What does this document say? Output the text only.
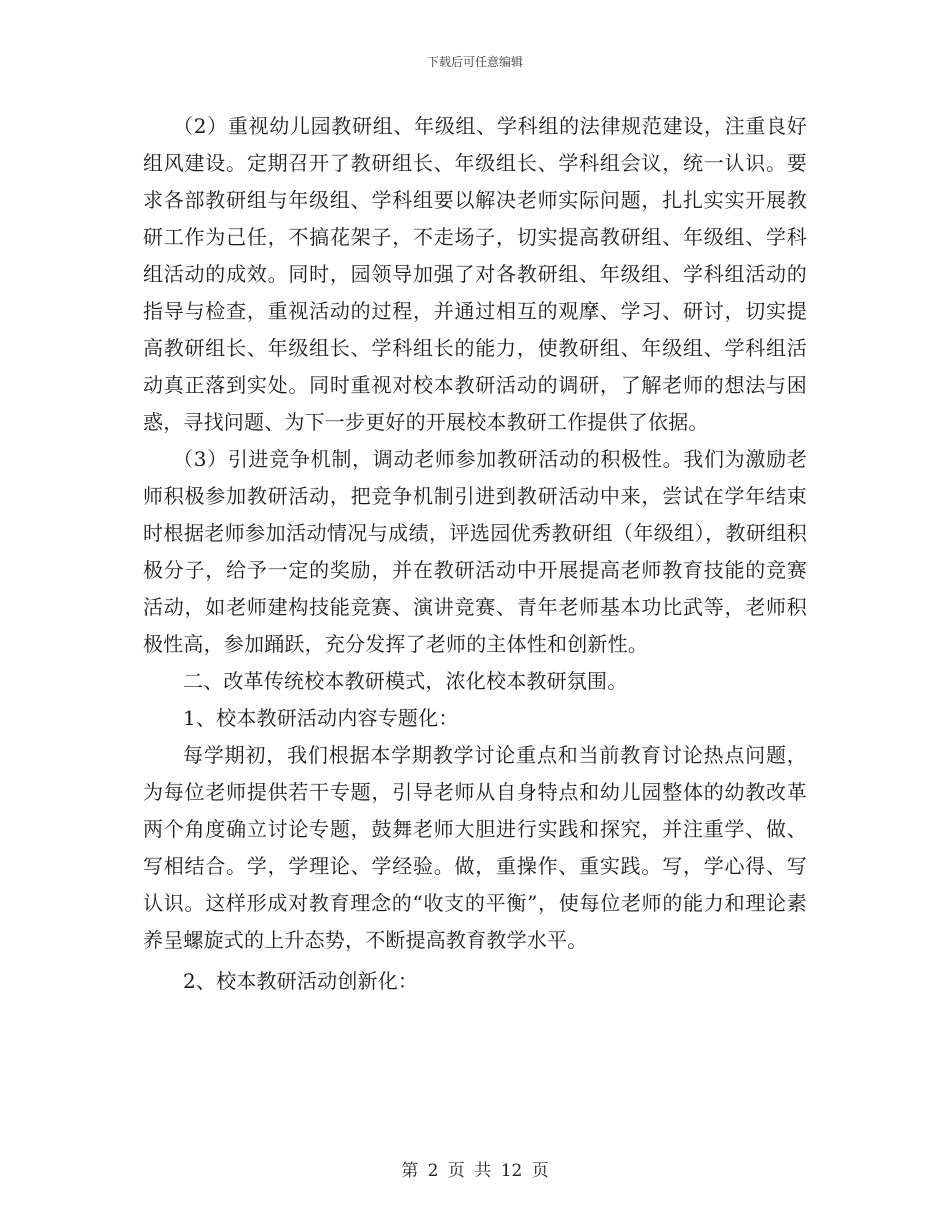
下载后可任意编辑

（2）重视幼儿园教研组、年级组、学科组的法律规范建设，注重良好组风建设。定期召开了教研组长、年级组长、学科组会议，统一认识。要求各部教研组与年级组、学科组要以解决老师实际问题，扎扎实实开展教研工作为己任，不搞花架子，不走场子，切实提高教研组、年级组、学科组活动的成效。同时，园领导加强了对各教研组、年级组、学科组活动的指导与检查，重视活动的过程，并通过相互的观摩、学习、研讨，切实提高教研组长、年级组长、学科组长的能力，使教研组、年级组、学科组活动真正落到实处。同时重视对校本教研活动的调研，了解老师的想法与困惑，寻找问题、为下一步更好的开展校本教研工作提供了依据。

（3）引进竞争机制，调动老师参加教研活动的积极性。我们为激励老师积极参加教研活动，把竞争机制引进到教研活动中来，尝试在学年结束时根据老师参加活动情况与成绩，评选园优秀教研组（年级组），教研组积极分子，给予一定的奖励，并在教研活动中开展提高老师教育技能的竞赛活动，如老师建构技能竞赛、演讲竞赛、青年老师基本功比武等，老师积极性高，参加踊跃，充分发挥了老师的主体性和创新性。

二、改革传统校本教研模式，浓化校本教研氛围。

1、校本教研活动内容专题化：

每学期初，我们根据本学期教学讨论重点和当前教育讨论热点问题，为每位老师提供若干专题，引导老师从自身特点和幼儿园整体的幼教改革两个角度确立讨论专题，鼓舞老师大胆进行实践和探究，并注重学、做、写相结合。学，学理论、学经验。做，重操作、重实践。写，学心得、写认识。这样形成对教育理念的“收支的平衡”，使每位老师的能力和理论素养呈螺旋式的上升态势，不断提高教育教学水平。

2、校本教研活动创新化：

第 2 页 共 12 页
